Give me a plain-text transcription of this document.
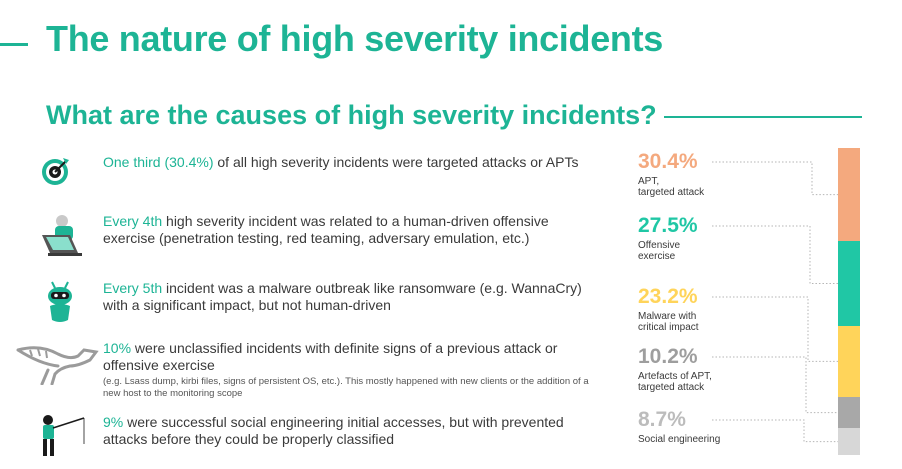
The nature of high severity incidents
What are the causes of high severity incidents?
One third (30.4%) of all high severity incidents were targeted attacks or APTs
Every 4th high severity incident was related to a human-driven offensive exercise (penetration testing, red teaming, adversary emulation, etc.)
Every 5th incident was a malware outbreak like ransomware (e.g. WannaCry) with a significant impact, but not human-driven
10% were unclassified incidents with definite signs of a previous attack or offensive exercise
(e.g. Lsass dump, kirbi files, signs of persistent OS, etc.). This mostly happened with new clients or the addition of a new host to the monitoring scope
9% were successful social engineering initial accesses, but with prevented attacks before they could be properly classified
30.4%
APT,
targeted attack
27.5%
Offensive
exercise
23.2%
Malware with
critical impact
10.2%
Artefacts of APT,
targeted attack
8.7%
Social engineering
